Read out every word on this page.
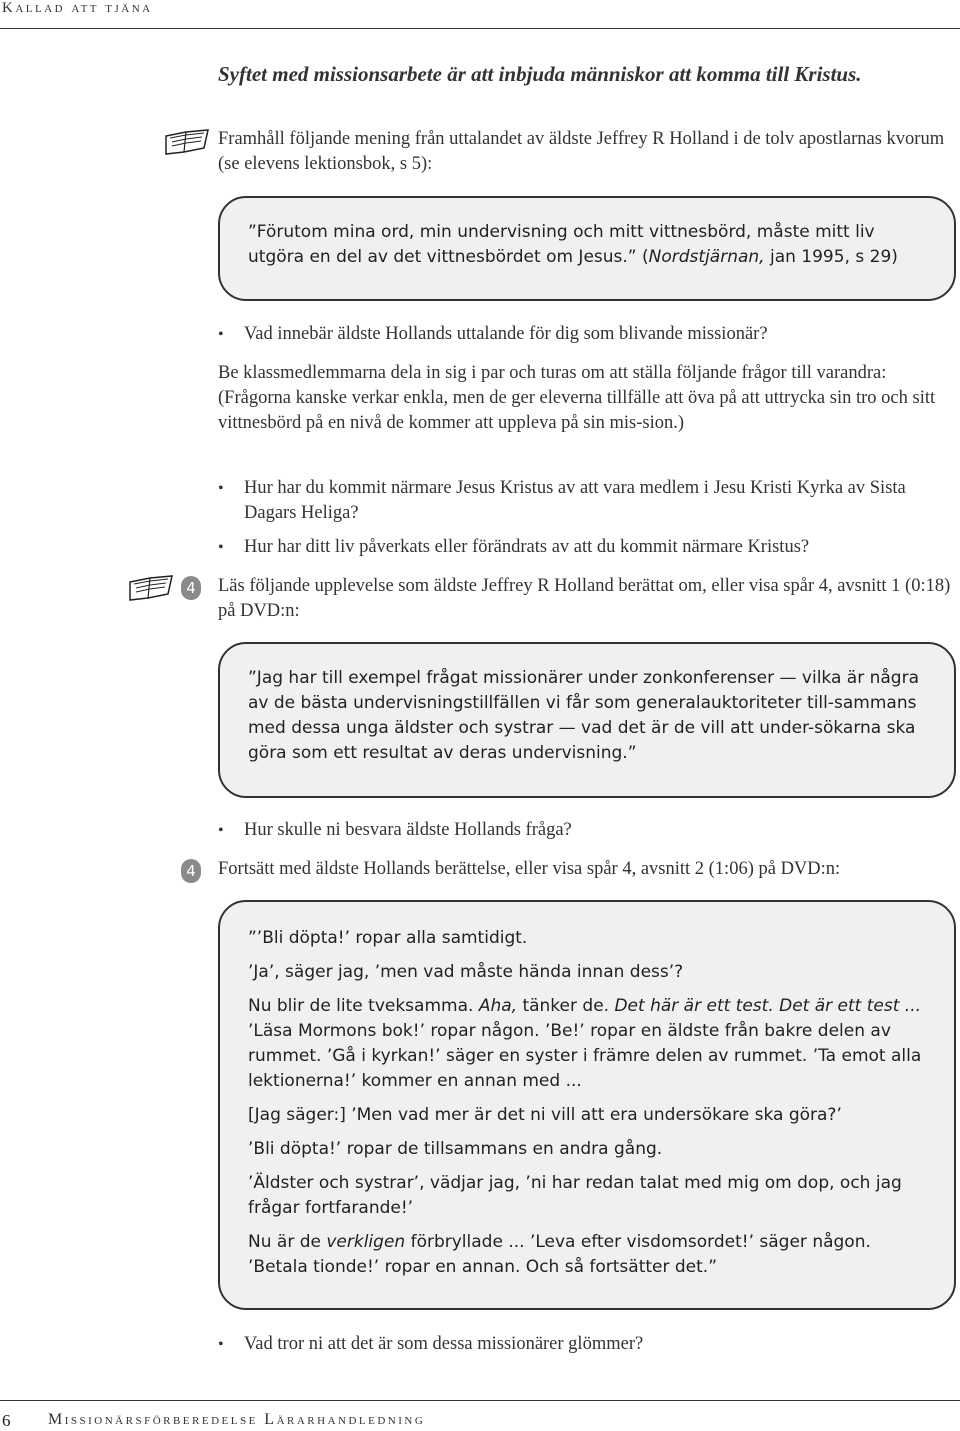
Kallad att tjäna
Syftet med missionsarbete är att inbjuda människor att komma till Kristus.
Framhåll följande mening från uttalandet av äldste Jeffrey R Holland i de tolv apostlarnas kvorum (se elevens lektionsbok, s 5):

”Förutom mina ord, min undervisning och mitt vittnesbörd, måste mitt liv utgöra en del av det vittnesbördet om Jesus.” (Nordstjärnan, jan 1995, s 29)

• Vad innebär äldste Hollands uttalande för dig som blivande missionär?
Be klassmedlemmarna dela in sig i par och turas om att ställa följande frågor till varandra: (Frågorna kanske verkar enkla, men de ger eleverna tillfälle att öva på att uttrycka sin tro och sitt vittnesbörd på en nivå de kommer att uppleva på sin mis-sion.)
• Hur har du kommit närmare Jesus Kristus av att vara medlem i Jesu Kristi Kyrka av Sista Dagars Heliga?
• Hur har ditt liv påverkats eller förändrats av att du kommit närmare Kristus?
4 Läs följande upplevelse som äldste Jeffrey R Holland berättat om, eller visa spår 4, avsnitt 1 (0:18) på DVD:n:

”Jag har till exempel frågat missionärer under zonkonferenser — vilka är några av de bästa undervisningstillfällen vi får som generalauktoriteter till-sammans med dessa unga äldster och systrar — vad det är de vill att under-sökarna ska göra som ett resultat av deras undervisning.”

• Hur skulle ni besvara äldste Hollands fråga?
4 Fortsätt med äldste Hollands berättelse, eller visa spår 4, avsnitt 2 (1:06) på DVD:n:

”’Bli döpta!’ ropar alla samtidigt.

’Ja’, säger jag, ’men vad måste hända innan dess’?

Nu blir de lite tveksamma. Aha, tänker de. Det här är ett test. Det är ett test ... ’Läsa Mormons bok!’ ropar någon. ’Be!’ ropar en äldste från bakre delen av rummet. ’Gå i kyrkan!’ säger en syster i främre delen av rummet. ’Ta emot alla lektionerna!’ kommer en annan med ...

[Jag säger:] ’Men vad mer är det ni vill att era undersökare ska göra?’

’Bli döpta!’ ropar de tillsammans en andra gång.

’Äldster och systrar’, vädjar jag, ’ni har redan talat med mig om dop, och jag frågar fortfarande!’

Nu är de verkligen förbryllade ... ’Leva efter visdomsordet!’ säger någon. ’Betala tionde!’ ropar en annan. Och så fortsätter det.”

• Vad tror ni att det är som dessa missionärer glömmer?
6 Missionärsförberedelse Lärarhandledning
